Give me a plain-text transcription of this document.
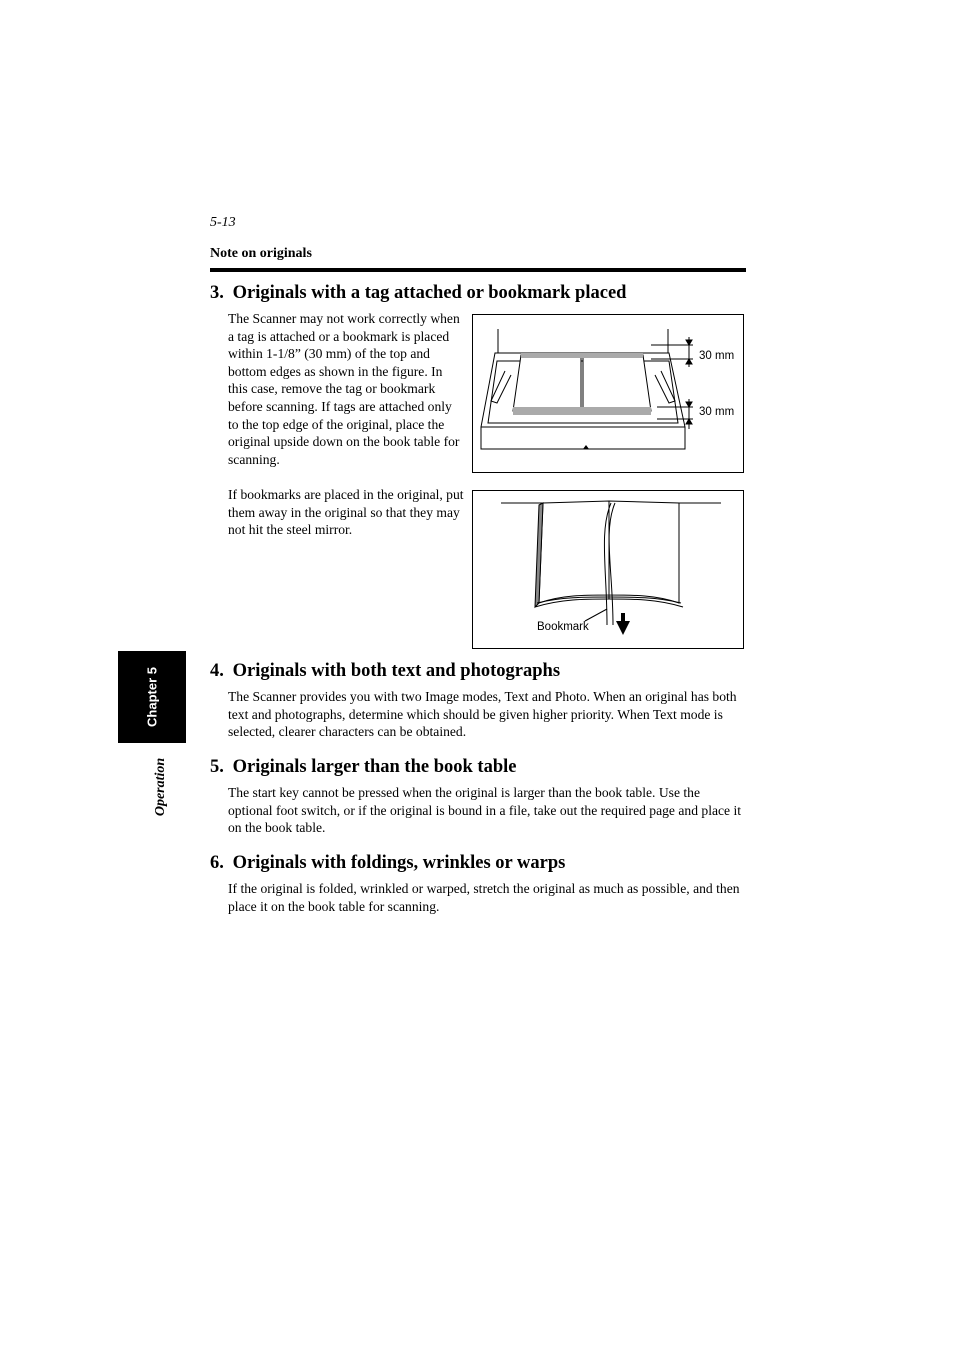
5-13
Note on originals
3. Originals with a tag attached or bookmark placed

The Scanner may not work correctly when a tag is attached or a bookmark is placed within 1-1/8” (30 mm) of the top and bottom edges as shown in the figure. In this case, remove the tag or bookmark before scanning. If tags are attached only to the top edge of the original, place the original upside down on the book table for scanning.

If bookmarks are placed in the original, put them away in the original so that they may not hit the steel mirror.

30 mm
30 mm
Bookmark
Chapter 5
Operation
4. Originals with both text and photographs

The Scanner provides you with two Image modes, Text and Photo. When an original has both text and photographs, determine which should be given higher priority. When Text mode is selected, clearer characters can be obtained.

5. Originals larger than the book table

The start key cannot be pressed when the original is larger than the book table. Use the optional foot switch, or if the original is bound in a file, take out the required page and place it on the book table.

6. Originals with foldings, wrinkles or warps

If the original is folded, wrinkled or warped, stretch the original as much as possible, and then place it on the book table for scanning.
